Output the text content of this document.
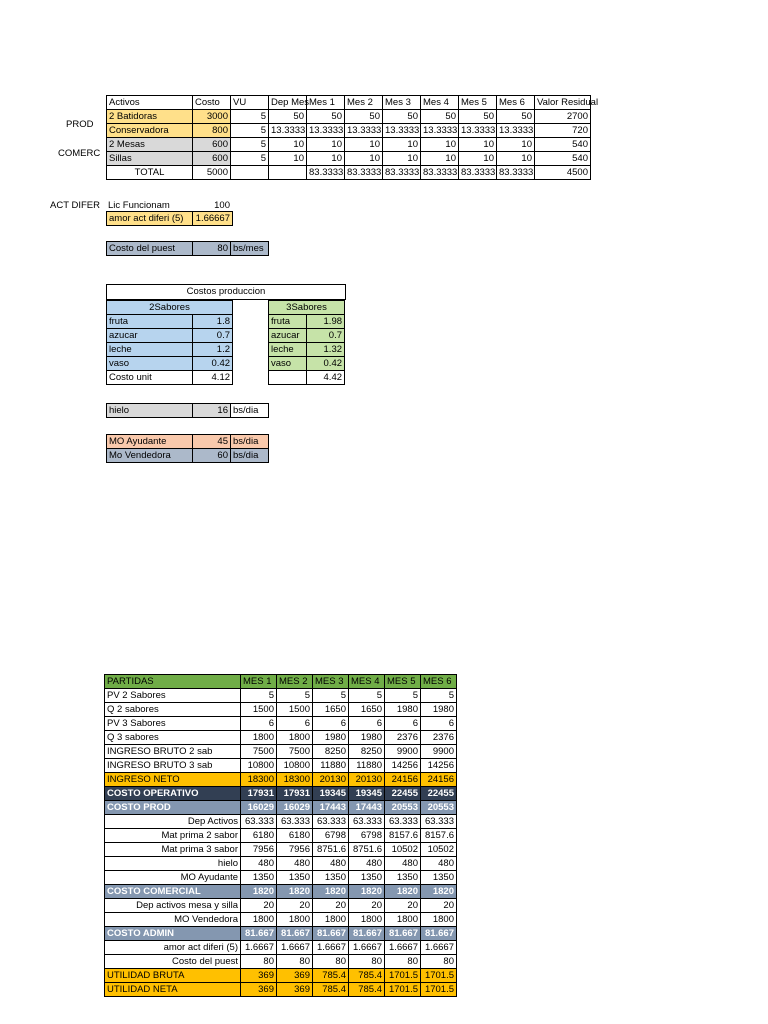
PROD
COMERC
ACT DIFER
Activos	Costo	VU	Dep Mes	Mes 1	Mes 2	Mes 3	Mes 4	Mes 5	Mes 6	Valor Residual
2 Batidoras	3000	5	50	50	50	50	50	50	50	2700
Conservadora	800	5	13.3333	13.3333	13.3333	13.3333	13.3333	13.3333	13.3333	720
2 Mesas	600	5	10	10	10	10	10	10	10	540
Sillas	600	5	10	10	10	10	10	10	10	540
TOTAL	5000			83.3333	83.3333	83.3333	83.3333	83.3333	83.3333	4500
Lic Funcionam	100
amor act diferi (5)	1.66667
Costo del puest	80	bs/mes
Costos produccion
2Sabores	
fruta	1.8
azucar	0.7
leche	1.2
vaso	0.42
Costo unit	4.12
3Sabores	
fruta	1.98
azucar	0.7
leche	1.32
vaso	0.42
	4.42
hielo	16	bs/dia
MO Ayudante	45	bs/dia
Mo Vendedora	60	bs/dia
PARTIDAS	MES 1	MES 2	MES 3	MES 4	MES 5	MES 6
PV 2 Sabores	5	5	5	5	5	5
Q 2 sabores	1500	1500	1650	1650	1980	1980
PV 3 Sabores	6	6	6	6	6	6
Q 3 sabores	1800	1800	1980	1980	2376	2376
INGRESO BRUTO 2 sab	7500	7500	8250	8250	9900	9900
INGRESO BRUTO 3 sab	10800	10800	11880	11880	14256	14256
INGRESO NETO	18300	18300	20130	20130	24156	24156
COSTO OPERATIVO	17931	17931	19345	19345	22455	22455
COSTO PROD	16029	16029	17443	17443	20553	20553
Dep Activos	63.333	63.333	63.333	63.333	63.333	63.333
Mat prima 2 sabor	6180	6180	6798	6798	8157.6	8157.6
Mat prima 3 sabor	7956	7956	8751.6	8751.6	10502	10502
hielo	480	480	480	480	480	480
MO Ayudante	1350	1350	1350	1350	1350	1350
COSTO COMERCIAL	1820	1820	1820	1820	1820	1820
Dep activos mesa y silla	20	20	20	20	20	20
MO Vendedora	1800	1800	1800	1800	1800	1800
COSTO ADMIN	81.667	81.667	81.667	81.667	81.667	81.667
amor act diferi (5)	1.6667	1.6667	1.6667	1.6667	1.6667	1.6667
Costo del puest	80	80	80	80	80	80
UTILIDAD BRUTA	369	369	785.4	785.4	1701.5	1701.5
UTILIDAD NETA	369	369	785.4	785.4	1701.5	1701.5
